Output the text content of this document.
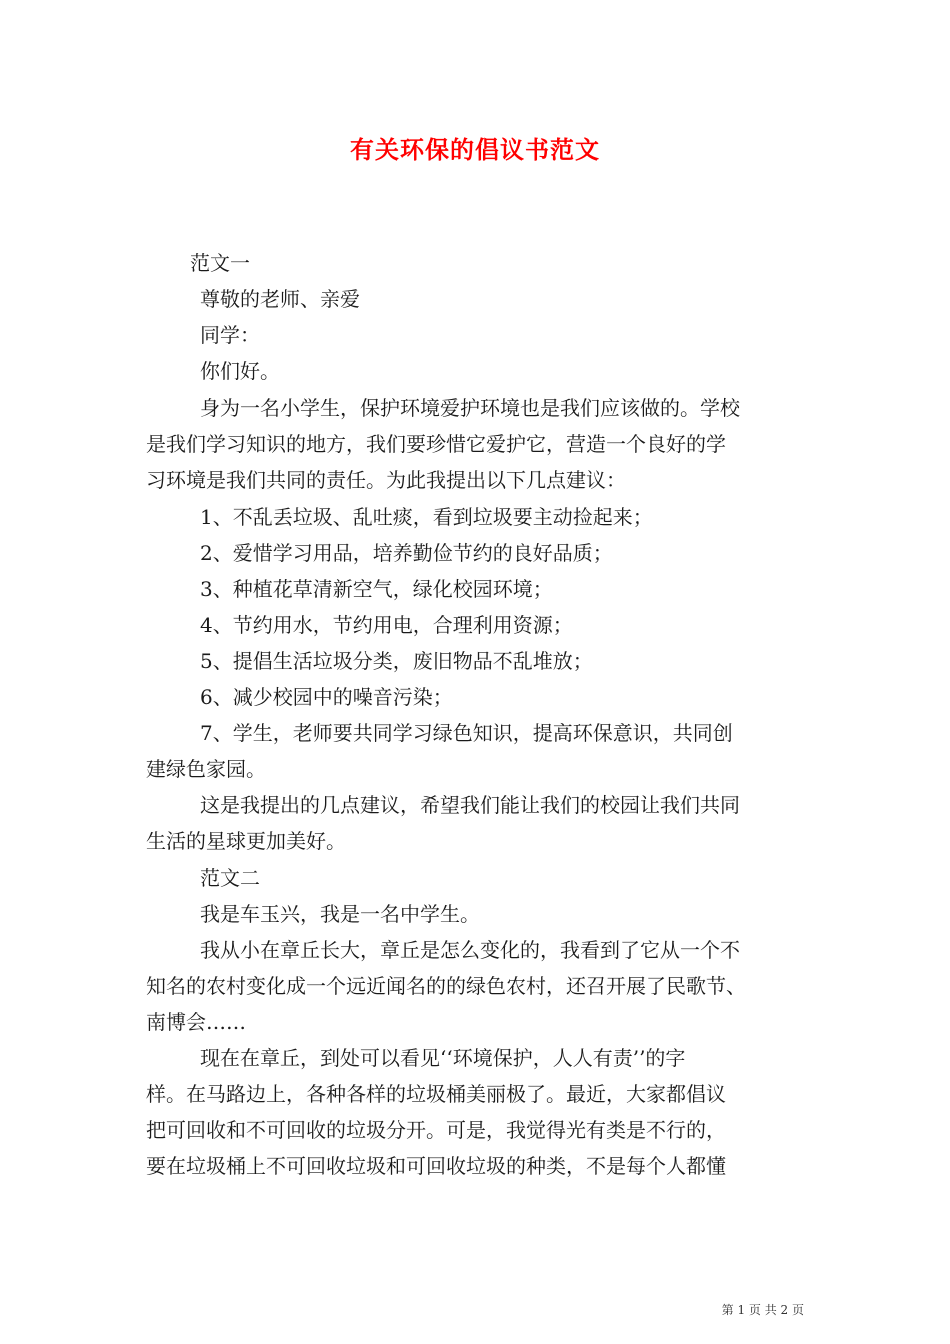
有关环保的倡议书范文
范文一
尊敬的老师、亲爱
同学：
你们好。
身为一名小学生，保护环境爱护环境也是我们应该做的。学校
是我们学习知识的地方，我们要珍惜它爱护它，营造一个良好的学
习环境是我们共同的责任。为此我提出以下几点建议：
1、不乱丢垃圾、乱吐痰，看到垃圾要主动捡起来；
2、爱惜学习用品，培养勤俭节约的良好品质；
3、种植花草清新空气，绿化校园环境；
4、节约用水，节约用电，合理利用资源；
5、提倡生活垃圾分类，废旧物品不乱堆放；
6、减少校园中的噪音污染；
7、学生，老师要共同学习绿色知识，提高环保意识，共同创
建绿色家园。
这是我提出的几点建议，希望我们能让我们的校园让我们共同
生活的星球更加美好。
范文二
我是车玉兴，我是一名中学生。
我从小在章丘长大，章丘是怎么变化的，我看到了它从一个不
知名的农村变化成一个远近闻名的的绿色农村，还召开展了民歌节、
南博会……
现在在章丘，到处可以看见‘‘环境保护，人人有责’’的字
样。在马路边上，各种各样的垃圾桶美丽极了。最近，大家都倡议
把可回收和不可回收的垃圾分开。可是，我觉得光有类是不行的，
要在垃圾桶上不可回收垃圾和可回收垃圾的种类，不是每个人都懂
第 1 页 共 2 页
